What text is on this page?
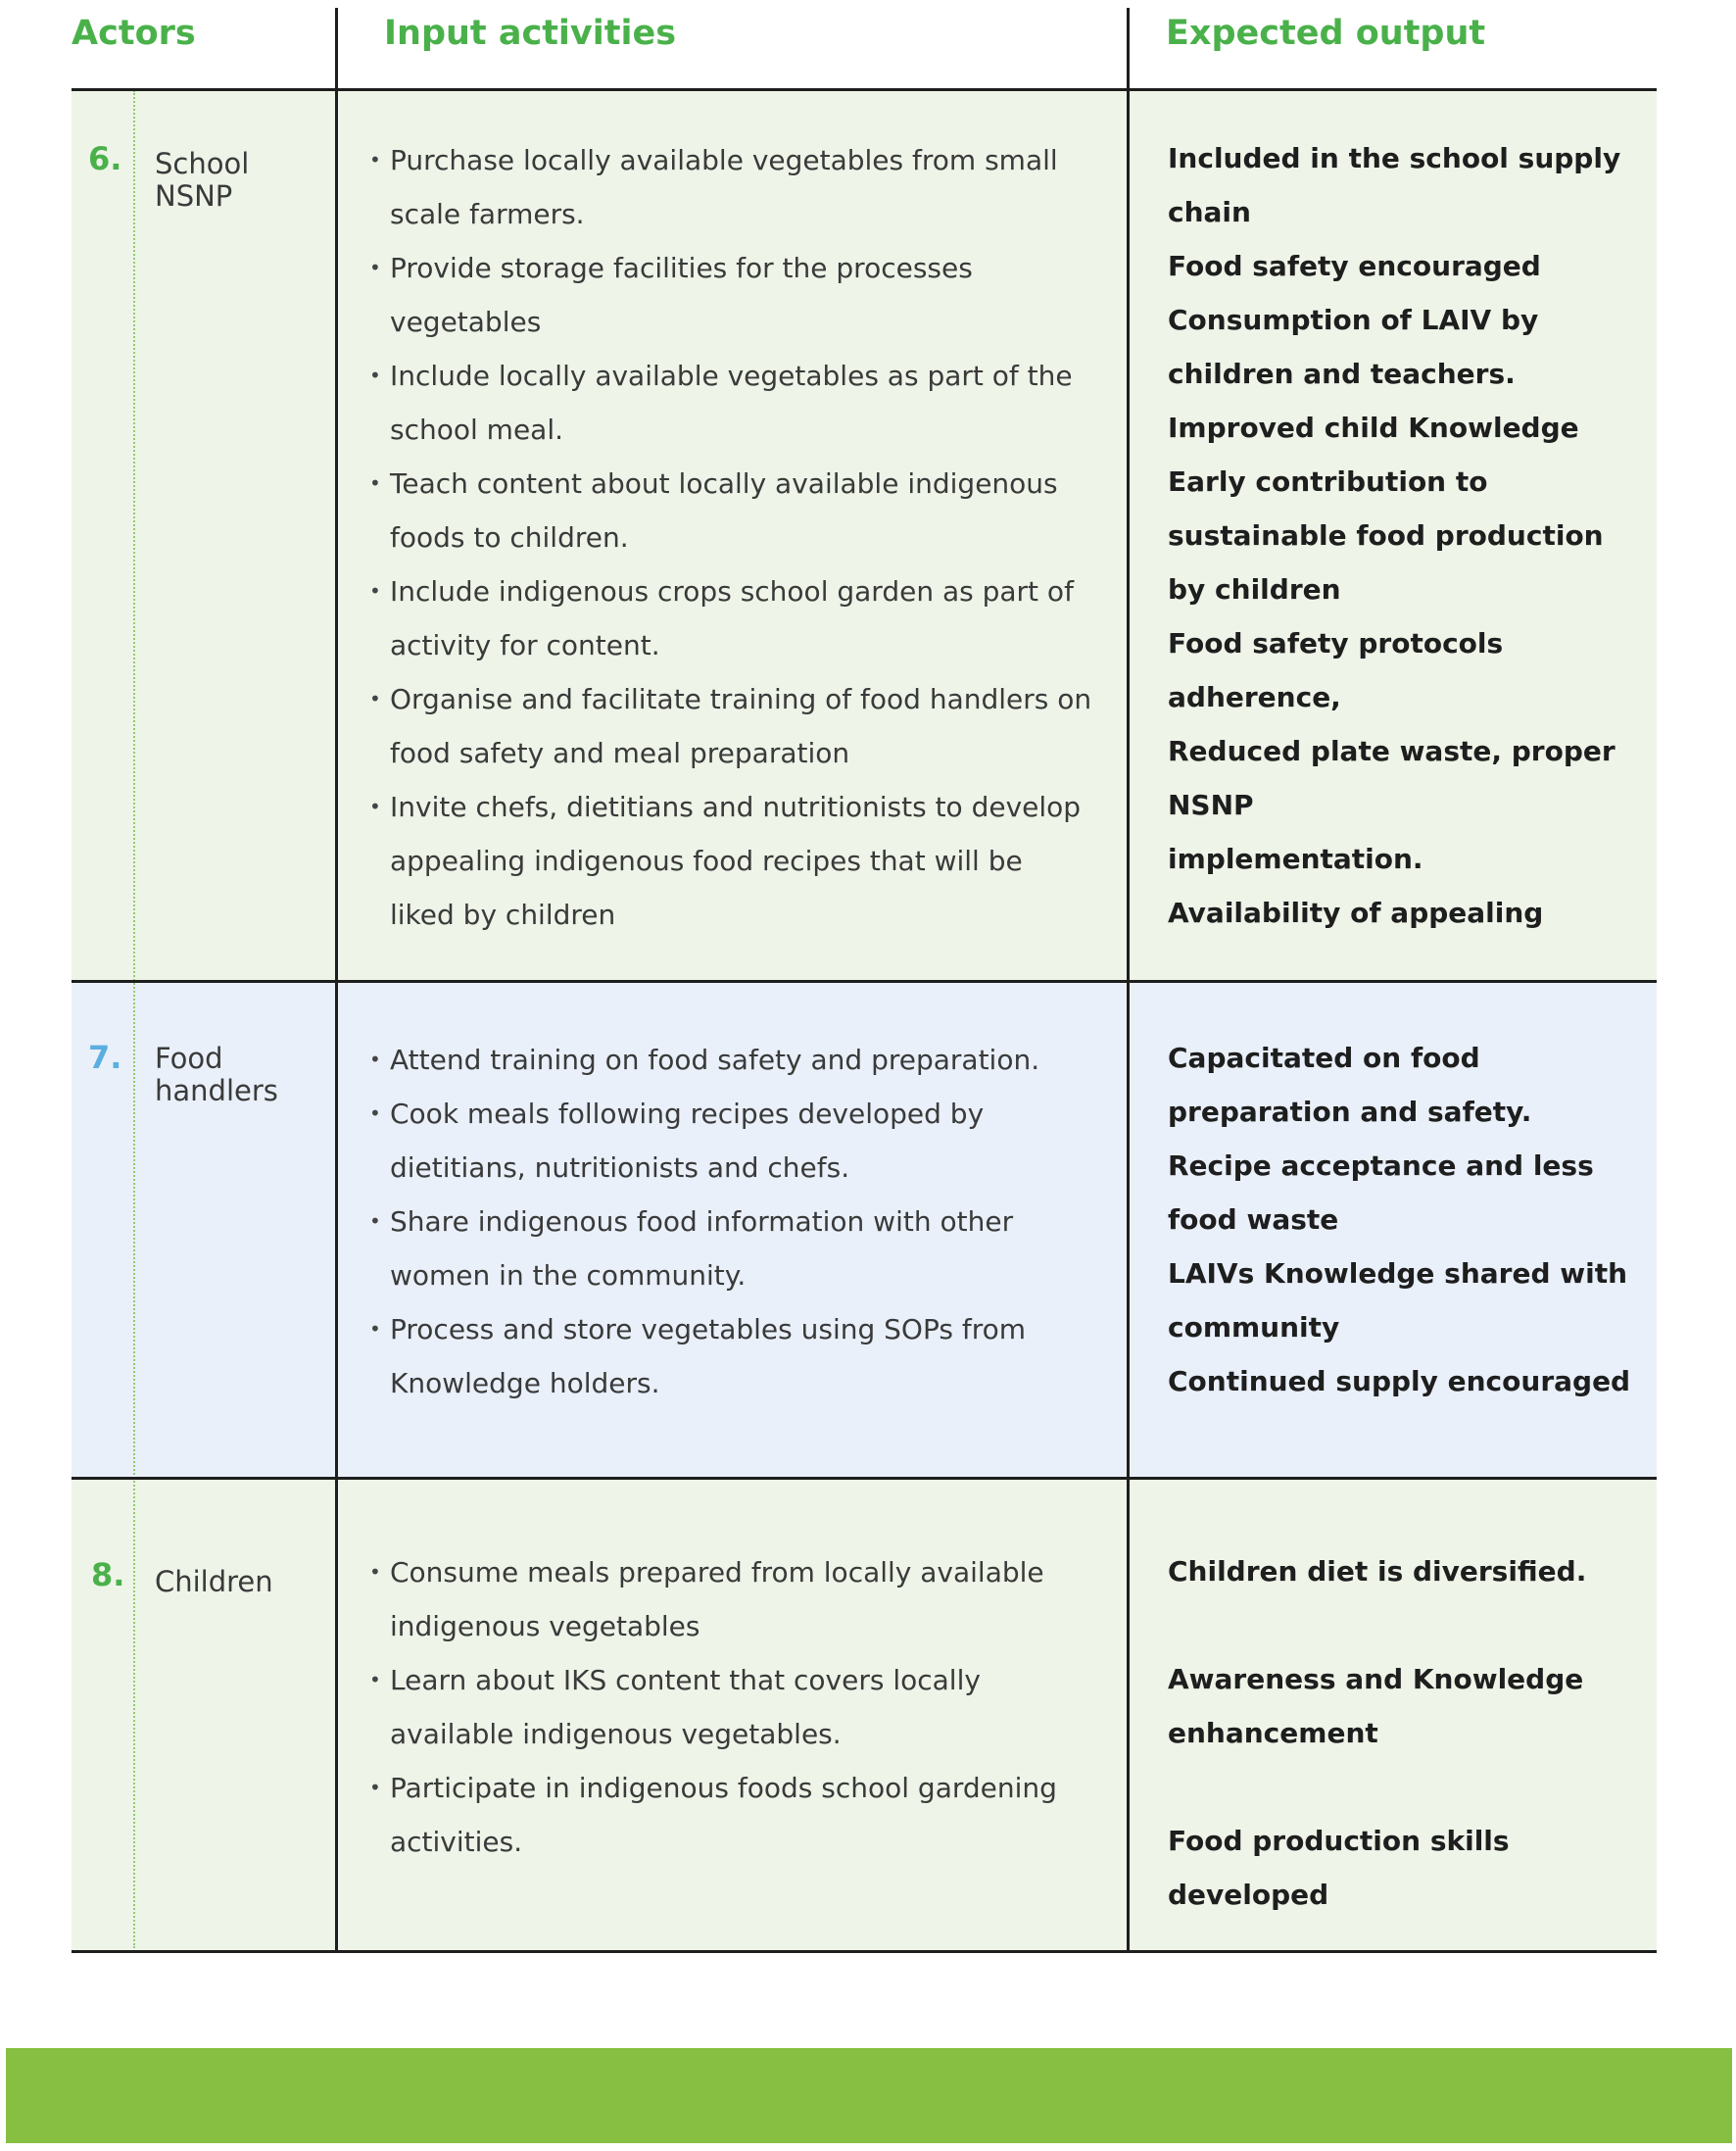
Actors	Input activities	Expected output
6. School
NSNP
• Purchase locally available vegetables from small scale farmers.
• Provide storage facilities for the processes vegetables
• Include locally available vegetables as part of the school meal.
• Teach content about locally available indigenous foods to children.
• Include indigenous crops school garden as part of activity for content.
• Organise and facilitate training of food handlers on food safety and meal preparation
• Invite chefs, dietitians and nutritionists to develop appealing indigenous food recipes that will be liked by children
Included in the school supply chain
Food safety encouraged
Consumption of LAIV by children and teachers.
Improved child Knowledge
Early contribution to sustainable food production by children
Food safety protocols adherence,
Reduced plate waste, proper NSNP
implementation.
Availability of appealing
7. Food
handlers
• Attend training on food safety and preparation.
• Cook meals following recipes developed by dietitians, nutritionists and chefs.
• Share indigenous food information with other women in the community.
• Process and store vegetables using SOPs from Knowledge holders.
Capacitated on food preparation and safety.
Recipe acceptance and less food waste
LAIVs Knowledge shared with community
Continued supply encouraged
8. Children
•	Consume meals prepared from locally available indigenous vegetables
• Learn about IKS content that covers locally available indigenous vegetables.
• Participate in indigenous foods school gardening activities.
Children diet is diversified.
Awareness and Knowledge enhancement
Food production skills developed
